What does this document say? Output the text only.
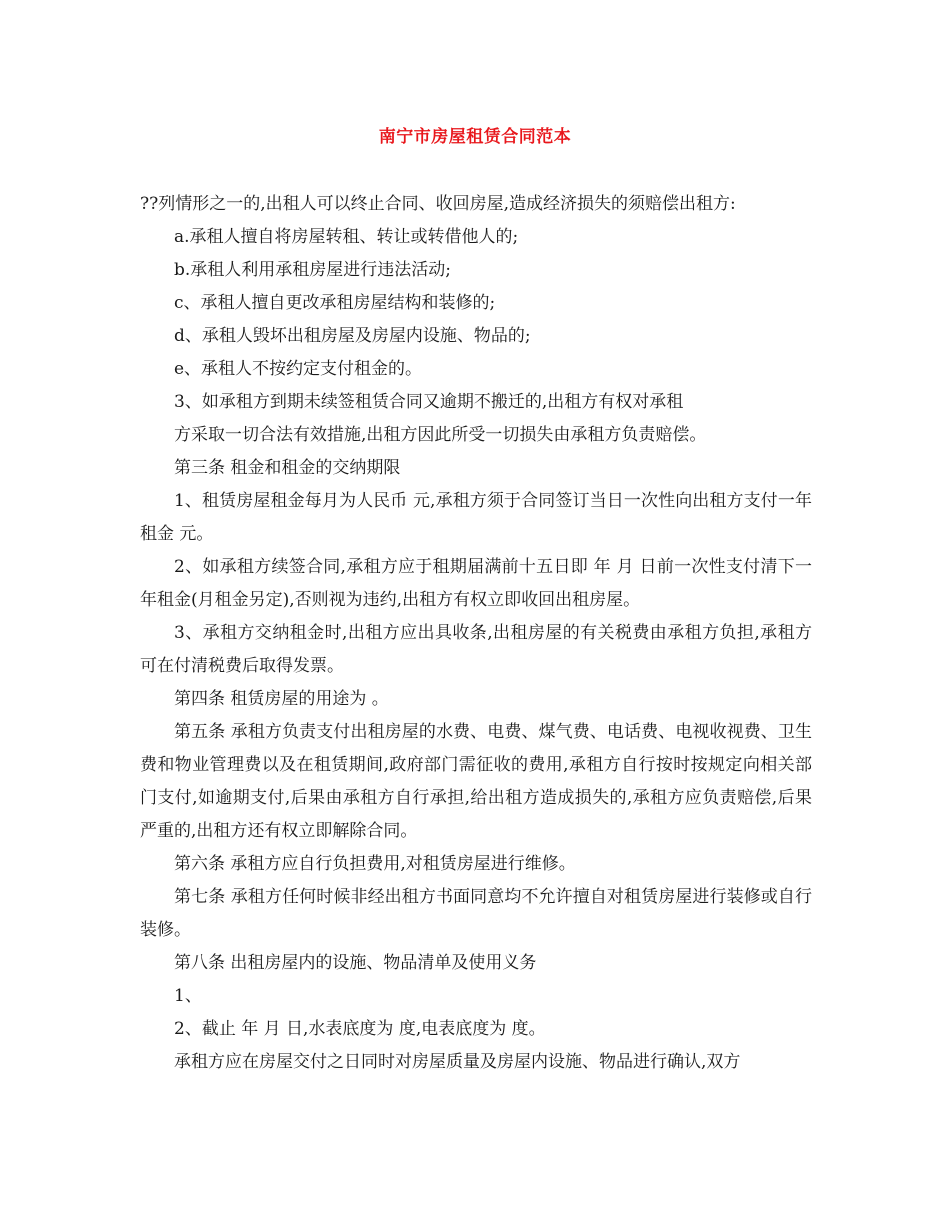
南宁市房屋租赁合同范本

??列情形之一的,出租人可以终止合同、收回房屋,造成经济损失的须赔偿出租方:

a.承租人擅自将房屋转租、转让或转借他人的;

b.承租人利用承租房屋进行违法活动;

c、承租人擅自更改承租房屋结构和装修的;

d、承租人毁坏出租房屋及房屋内设施、物品的;

e、承租人不按约定支付租金的。

3、如承租方到期未续签租赁合同又逾期不搬迁的,出租方有权对承租

方采取一切合法有效措施,出租方因此所受一切损失由承租方负责赔偿。

第三条 租金和租金的交纳期限

1、租赁房屋租金每月为人民币 元,承租方须于合同签订当日一次性向出租方支付一年租金 元。

2、如承租方续签合同,承租方应于租期届满前十五日即 年 月 日前一次性支付清下一年租金(月租金另定),否则视为违约,出租方有权立即收回出租房屋。

3、承租方交纳租金时,出租方应出具收条,出租房屋的有关税费由承租方负担,承租方可在付清税费后取得发票。

第四条 租赁房屋的用途为 。

第五条 承租方负责支付出租房屋的水费、电费、煤气费、电话费、电视收视费、卫生费和物业管理费以及在租赁期间,政府部门需征收的费用,承租方自行按时按规定向相关部门支付,如逾期支付,后果由承租方自行承担,给出租方造成损失的,承租方应负责赔偿,后果严重的,出租方还有权立即解除合同。

第六条 承租方应自行负担费用,对租赁房屋进行维修。

第七条 承租方任何时候非经出租方书面同意均不允许擅自对租赁房屋进行装修或自行装修。

第八条 出租房屋内的设施、物品清单及使用义务

1、

2、截止 年 月 日,水表底度为 度,电表底度为 度。

承租方应在房屋交付之日同时对房屋质量及房屋内设施、物品进行确认,双方
